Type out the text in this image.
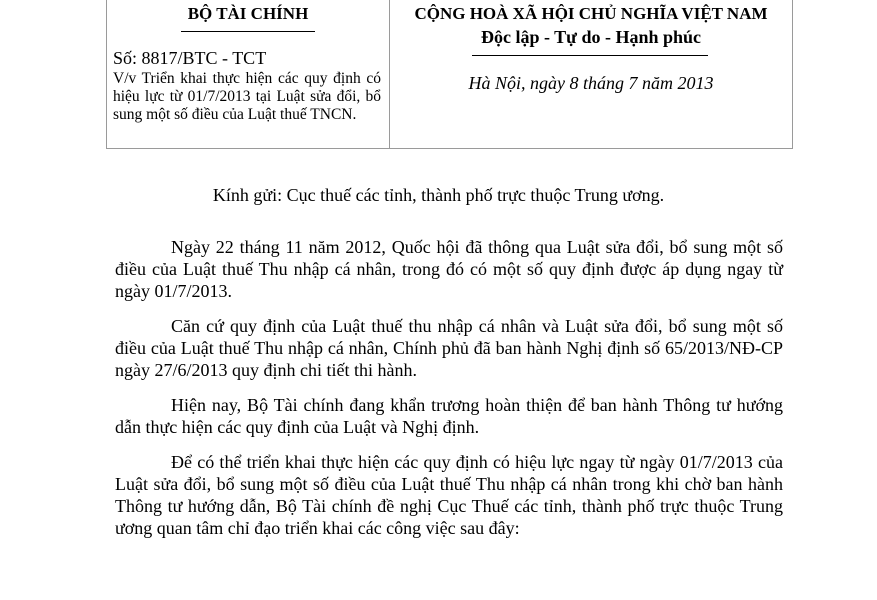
BỘ TÀI CHÍNH
Số: 8817/BTC - TCT
V/v Triển khai thực hiện các quy định có hiệu lực từ 01/7/2013 tại Luật sửa đổi, bổ sung một số điều của Luật thuế TNCN.
CỘNG HOÀ XÃ HỘI CHỦ NGHĨA VIỆT NAM
Độc lập - Tự do - Hạnh phúc
Hà Nội, ngày 8 tháng 7 năm 2013
Kính gửi: Cục thuế các tỉnh, thành phố trực thuộc Trung ương.

Ngày 22 tháng 11 năm 2012, Quốc hội đã thông qua Luật sửa đổi, bổ sung một số điều của Luật thuế Thu nhập cá nhân, trong đó có một số quy định được áp dụng ngay từ ngày 01/7/2013.

Căn cứ quy định của Luật thuế thu nhập cá nhân và Luật sửa đổi, bổ sung một số điều của Luật thuế Thu nhập cá nhân, Chính phủ đã ban hành Nghị định số 65/2013/NĐ-CP ngày 27/6/2013 quy định chi tiết thi hành.

Hiện nay, Bộ Tài chính đang khẩn trương hoàn thiện để ban hành Thông tư hướng dẫn thực hiện các quy định của Luật và Nghị định.

Để có thể triển khai thực hiện các quy định có hiệu lực ngay từ ngày 01/7/2013 của Luật sửa đổi, bổ sung một số điều của Luật thuế Thu nhập cá nhân trong khi chờ ban hành Thông tư hướng dẫn, Bộ Tài chính đề nghị Cục Thuế các tỉnh, thành phố trực thuộc Trung ương quan tâm chỉ đạo triển khai các công việc sau đây:
